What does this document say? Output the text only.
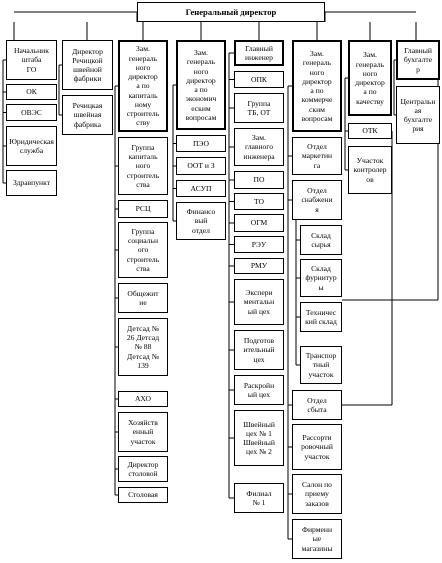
Генеральный директор
Начальник штаба
ГО
ОК
ОВЭС
Юридическая
служба
Здравпункт
Директор
Речицкой
швейной
фабрики
Речицкая
швейная
фабрика
Зам.
генераль
ного
директор
а по
капиталь
ному
строитель
ству
Группа
капиталь
ного
строитель
ства
РСЦ
Группа
социальн
ого
строитель
ства
Общежит
ие
Детсад №
26 Детсад
№ 88
Детсад №
139
АХО
Хозяйств
енный
участок
Директор
столовой
Столовая
Зам.
генераль
ного
директор
а по
экономич
еским
вопросам
ПЭО
ООТ и З
АСУП
Финансо
вый
отдел
Главный
инженер
ОПК
Группа
ТБ, ОТ
Зам.
главного
инженера
ПО
ТО
ОГМ
РЭУ
РМУ
Экспери
ментальн
ый цех
Подготов
ительный
цех
Раскройн
ый цех
Швейный
цех № 1
Швейный
цех № 2
Филиал
№ 1
Зам.
генераль
ного
директор
а по
коммерче
ским
вопросам
Отдел
маркетин
га
Отдел
снабжени
я
Склад
сырья
Склад
фурнитур
ы
Техничес
кий склад
Транспор
тный
участок
Отдел
сбыта
Рассорти
ровочный
участок
Салон по
приему
заказов
Фирменн
ые
магазины
Зам.
генераль
ного
директор
а по
качеству
ОТК
Участок
контролер
ов
Главный
бухгалте
р
Центральн
ая
бухгалте
рия
